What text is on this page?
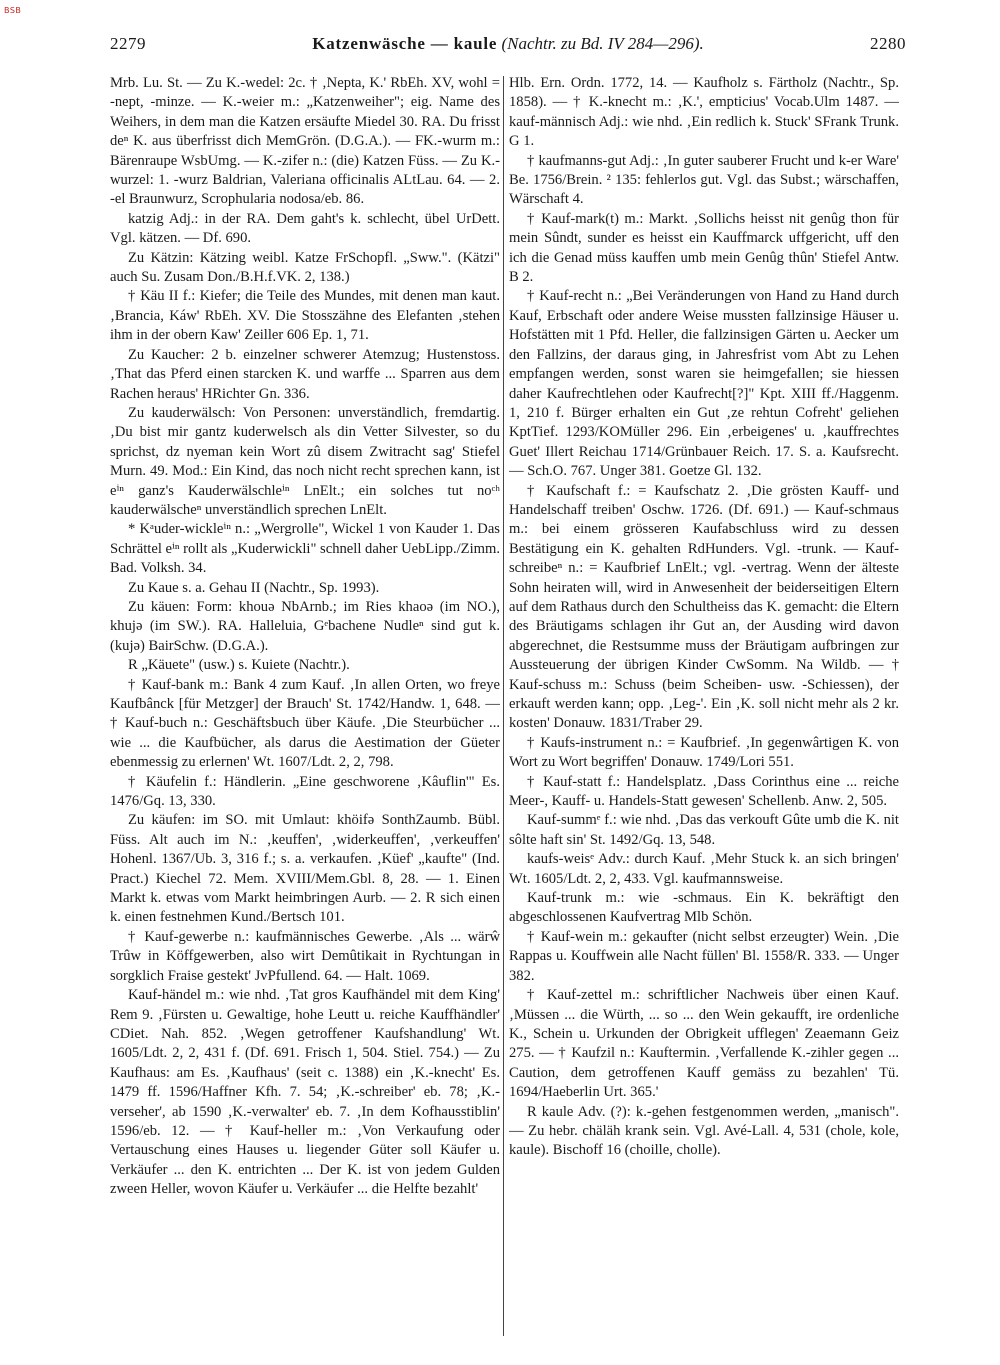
BSB
2279	Katzenwäsche — kaule (Nachtr. zu Bd. IV 284—296).	2280

Mrb. Lu. St. — Zu K.-wedel: 2c. † ‚Nepta, K.' RbEh. XV, wohl = -nept, -minze. — K.-weier m.: „Katzenweiher"; eig. Name des Weihers, in dem man die Katzen ersäufte Miedel 30. RA. Du frisst deⁿ K. aus überfrisst dich MemGrön. (D.G.A.). — FK.-wurm m.: Bärenraupe WsbUmg. — K.-zifer n.: (die) Katzen Füss. — Zu K.-wurzel: 1. -wurz Baldrian, Valeriana officinalis ALtLau. 64. — 2. -el Braunwurz, Scrophularia nodosa/eb. 86.

katzig Adj.: in der RA. Dem gaht's k. schlecht, übel UrDett. Vgl. kätzen. — Df. 690.

Zu Kätzin: Kätzing weibl. Katze FrSchopfl. „Sww.". (Kätzi" auch Su. Zusam Don./B.H.f.VK. 2, 138.)

† Käu II f.: Kiefer; die Teile des Mundes, mit denen man kaut. ‚Brancia, Káw' RbEh. XV. Die Stosszähne des Elefanten ‚stehen ihm in der obern Kaw' Zeiller 606 Ep. 1, 71.

Zu Kaucher: 2 b. einzelner schwerer Atemzug; Hustenstoss. ‚That das Pferd einen starcken K. und warffe ... Sparren aus dem Rachen heraus' HRichter Gn. 336.

Zu kauderwälsch: Von Personen: unverständlich, fremdartig. ‚Du bist mir gantz kuderwelsch als din Vetter Silvester, so du sprichst, dz nyeman kein Wort zû disem Zwitracht sag' Stiefel Murn. 49. Mod.: Ein Kind, das noch nicht recht sprechen kann, ist eⁱⁿ ganz's Kauderwälschleⁱⁿ LnElt.; ein solches tut noᶜʰ kauderwälscheⁿ unverständlich sprechen LnElt.

* Kᵃuder-wickleⁱⁿ n.: „Wergrolle", Wickel 1 von Kauder 1. Das Schrättel eⁱⁿ rollt als „Kuderwickli" schnell daher UebLipp./Zimm. Bad. Volksh. 34.

Zu Kaue s. a. Gehau II (Nachtr., Sp. 1993).

Zu käuen: Form: khouə NbArnb.; im Ries khaoə (im NO.), khujə (im SW.). RA. Halleluia, Gᵉbachene Nudleⁿ sind gut k. (kujə) BairSchw. (D.G.A.).

R „Käuete" (usw.) s. Kuiete (Nachtr.).

† Kauf-bank m.: Bank 4 zum Kauf. ‚In allen Orten, wo freye Kaufbânck [für Metzger] der Brauch' St. 1742/Handw. 1, 648. — † Kauf-buch n.: Geschäftsbuch über Käufe. ‚Die Steurbücher ... wie ... die Kaufbücher, als darus die Aestimation der Güeter ebenmessig zu erlernen' Wt. 1607/Ldt. 2, 2, 798.

† Käufelin f.: Händlerin. „Eine geschworene ‚Kâuflin'" Es. 1476/Gq. 13, 330.

Zu käufen: im SO. mit Umlaut: khöifə SonthZaumb. Bübl. Füss. Alt auch im N.: ‚keuffen', ‚widerkeuffen', ‚verkeuffen' Hohenl. 1367/Ub. 3, 316 f.; s. a. verkaufen. ‚Küef' „kaufte" (Ind. Pract.) Kiechel 72. Mem. XVIII/Mem.Gbl. 8, 28. — 1. Einen Markt k. etwas vom Markt heimbringen Aurb. — 2. R sich einen k. einen festnehmen Kund./Bertsch 101.

† Kauf-gewerbe n.: kaufmännisches Gewerbe. ‚Als ... wärŵ Trûw in Köffgewerben, also wirt Demûtikait in Rychtungan in sorgklich Fraise gestekt' JvPfullend. 64. — Halt. 1069.

Kauf-händel m.: wie nhd. ‚Tat gros Kaufhändel mit dem King' Rem 9. ‚Fürsten u. Gewaltige, hohe Leutt u. reiche Kauffhändler' CDiet. Nah. 852. ‚Wegen getroffener Kaufshandlung' Wt. 1605/Ldt. 2, 2, 431 f. (Df. 691. Frisch 1, 504. Stiel. 754.) — Zu Kaufhaus: am Es. ‚Kaufhaus' (seit c. 1388) ein ‚K.-knecht' Es. 1479 ff. 1596/Haffner Kfh. 7. 54; ‚K.-schreiber' eb. 78; ‚K.-verseher', ab 1590 ‚K.-verwalter' eb. 7. ‚In dem Kofhausstiblin' 1596/eb. 12. — † Kauf-heller m.: ‚Von Verkaufung oder Vertauschung eines Hauses u. liegender Güter soll Käufer u. Verkäufer ... den K. entrichten ... Der K. ist von jedem Gulden zween Heller, wovon Käufer u. Verkäufer ... die Helfte bezahlt'

Hlb. Ern. Ordn. 1772, 14. — Kaufholz s. Färtholz (Nachtr., Sp. 1858). — † K.-knecht m.: ‚K.', empticius' Vocab.Ulm 1487. — kauf-männisch Adj.: wie nhd. ‚Ein redlich k. Stuck' SFrank Trunk. G 1.

† kaufmanns-gut Adj.: ‚In guter sauberer Frucht und k-er Ware' Be. 1756/Brein. ² 135: fehlerlos gut. Vgl. das Subst.; wärschaffen, Wärschaft 4.

† Kauf-mark(t) m.: Markt. ‚Sollichs heisst nit genûg thon für mein Sûndt, sunder es heisst ein Kauffmarck uffgericht, uff den ich die Genad müss kauffen umb mein Genûg thûn' Stiefel Antw. B 2.

† Kauf-recht n.: „Bei Veränderungen von Hand zu Hand durch Kauf, Erbschaft oder andere Weise mussten fallzinsige Häuser u. Hofstätten mit 1 Pfd. Heller, die fallzinsigen Gärten u. Aecker um den Fallzins, der daraus ging, in Jahresfrist vom Abt zu Lehen empfangen werden, sonst waren sie heimgefallen; sie hiessen daher Kaufrechtlehen oder Kaufrecht[?]" Kpt. XIII ff./Haggenm. 1, 210 f. Bürger erhalten ein Gut ‚ze rehtun Cofreht' geliehen KptTief. 1293/KOMüller 296. Ein ‚erbeigenes' u. ‚kauffrechtes Guet' Illert Reichau 1714/Grünbauer Reich. 17. S. a. Kaufsrecht. — Sch.O. 767. Unger 381. Goetze Gl. 132.

† Kaufschaft f.: = Kaufschatz 2. ‚Die grösten Kauff- und Handelschaff treiben' Oschw. 1726. (Df. 691.) — Kauf-schmaus m.: bei einem grösseren Kaufabschluss wird zu dessen Bestätigung ein K. gehalten RdHunders. Vgl. -trunk. — Kauf-schreibeⁿ n.: = Kaufbrief LnElt.; vgl. -vertrag. Wenn der älteste Sohn heiraten will, wird in Anwesenheit der beiderseitigen Eltern auf dem Rathaus durch den Schultheiss das K. gemacht: die Eltern des Bräutigams schlagen ihr Gut an, der Ausding wird davon abgerechnet, die Restsumme muss der Bräutigam aufbringen zur Aussteuerung der übrigen Kinder CwSomm. Na Wildb. — † Kauf-schuss m.: Schuss (beim Scheiben- usw. -Schiessen), der erkauft werden kann; opp. ‚Leg-'. Ein ‚K. soll nicht mehr als 2 kr. kosten' Donauw. 1831/Traber 29.

† Kaufs-instrument n.: = Kaufbrief. ‚In gegenwârtigen K. von Wort zu Wort begriffen' Donauw. 1749/Lori 551.

† Kauf-statt f.: Handelsplatz. ‚Dass Corinthus eine ... reiche Meer-, Kauff- u. Handels-Statt gewesen' Schellenb. Anw. 2, 505.

Kauf-summᵉ f.: wie nhd. ‚Das das verkouft Gûte umb die K. nit sôlte haft sin' St. 1492/Gq. 13, 548.

kaufs-weisᵉ Adv.: durch Kauf. ‚Mehr Stuck k. an sich bringen' Wt. 1605/Ldt. 2, 2, 433. Vgl. kaufmannsweise.

Kauf-trunk m.: wie -schmaus. Ein K. bekräftigt den abgeschlossenen Kaufvertrag Mlb Schön.

† Kauf-wein m.: gekaufter (nicht selbst erzeugter) Wein. ‚Die Rappas u. Kouffwein alle Nacht füllen' Bl. 1558/R. 333. — Unger 382.

† Kauf-zettel m.: schriftlicher Nachweis über einen Kauf. ‚Müssen ... die Würth, ... so ... den Wein gekaufft, ire ordenliche K., Schein u. Urkunden der Obrigkeit ufflegen' Zeaemann Geiz 275. — † Kaufzil n.: Kauftermin. ‚Verfallende K.-zihler gegen ... Caution, dem getroffenen Kauff gemäss zu bezahlen' Tü. 1694/Haeberlin Urt. 365.'

R kaule Adv. (?): k.-gehen festgenommen werden, „manisch". — Zu hebr. chäläh krank sein. Vgl. Avé-Lall. 4, 531 (chole, kole, kaule). Bischoff 16 (choille, cholle).
